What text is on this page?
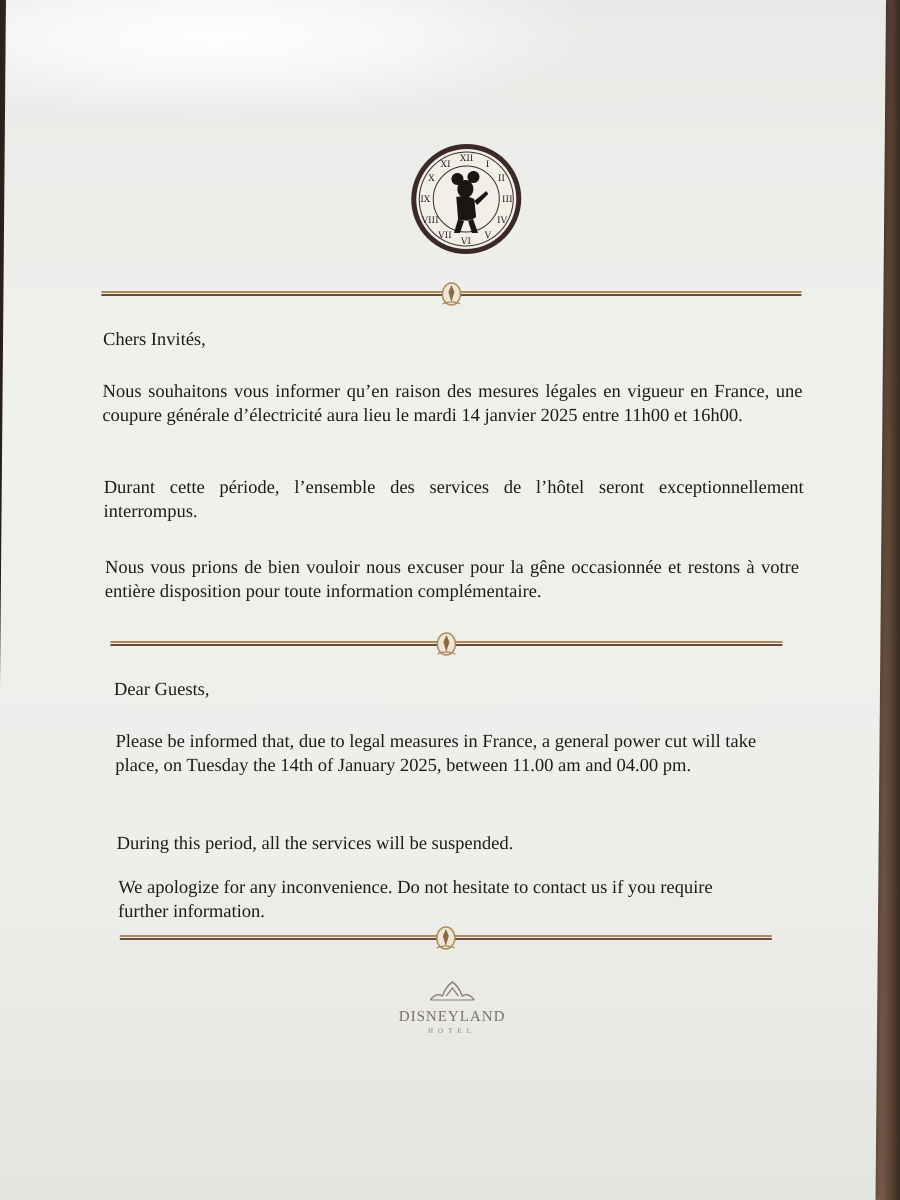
XII
I
II
III
IV
V
VI
VII
VIII
IX
X
XI
Chers Invités,
Nous souhaitons vous informer qu’en raison des mesures légales en vigueur en France, une coupure générale d’électricité aura lieu le mardi 14 janvier 2025 entre 11h00 et 16h00.
Durant cette période, l’ensemble des services de l’hôtel seront exceptionnellement interrompus.
Nous vous prions de bien vouloir nous excuser pour la gêne occasionnée et restons à votre entière disposition pour toute information complémentaire.
Dear Guests,
Please be informed that, due to legal measures in France, a general power cut will take place, on Tuesday the 14th of January 2025, between 11.00 am and 04.00 pm.
During this period, all the services will be suspended.
We apologize for any inconvenience. Do not hesitate to contact us if you require further information.
DISNEYLAND
HOTEL
